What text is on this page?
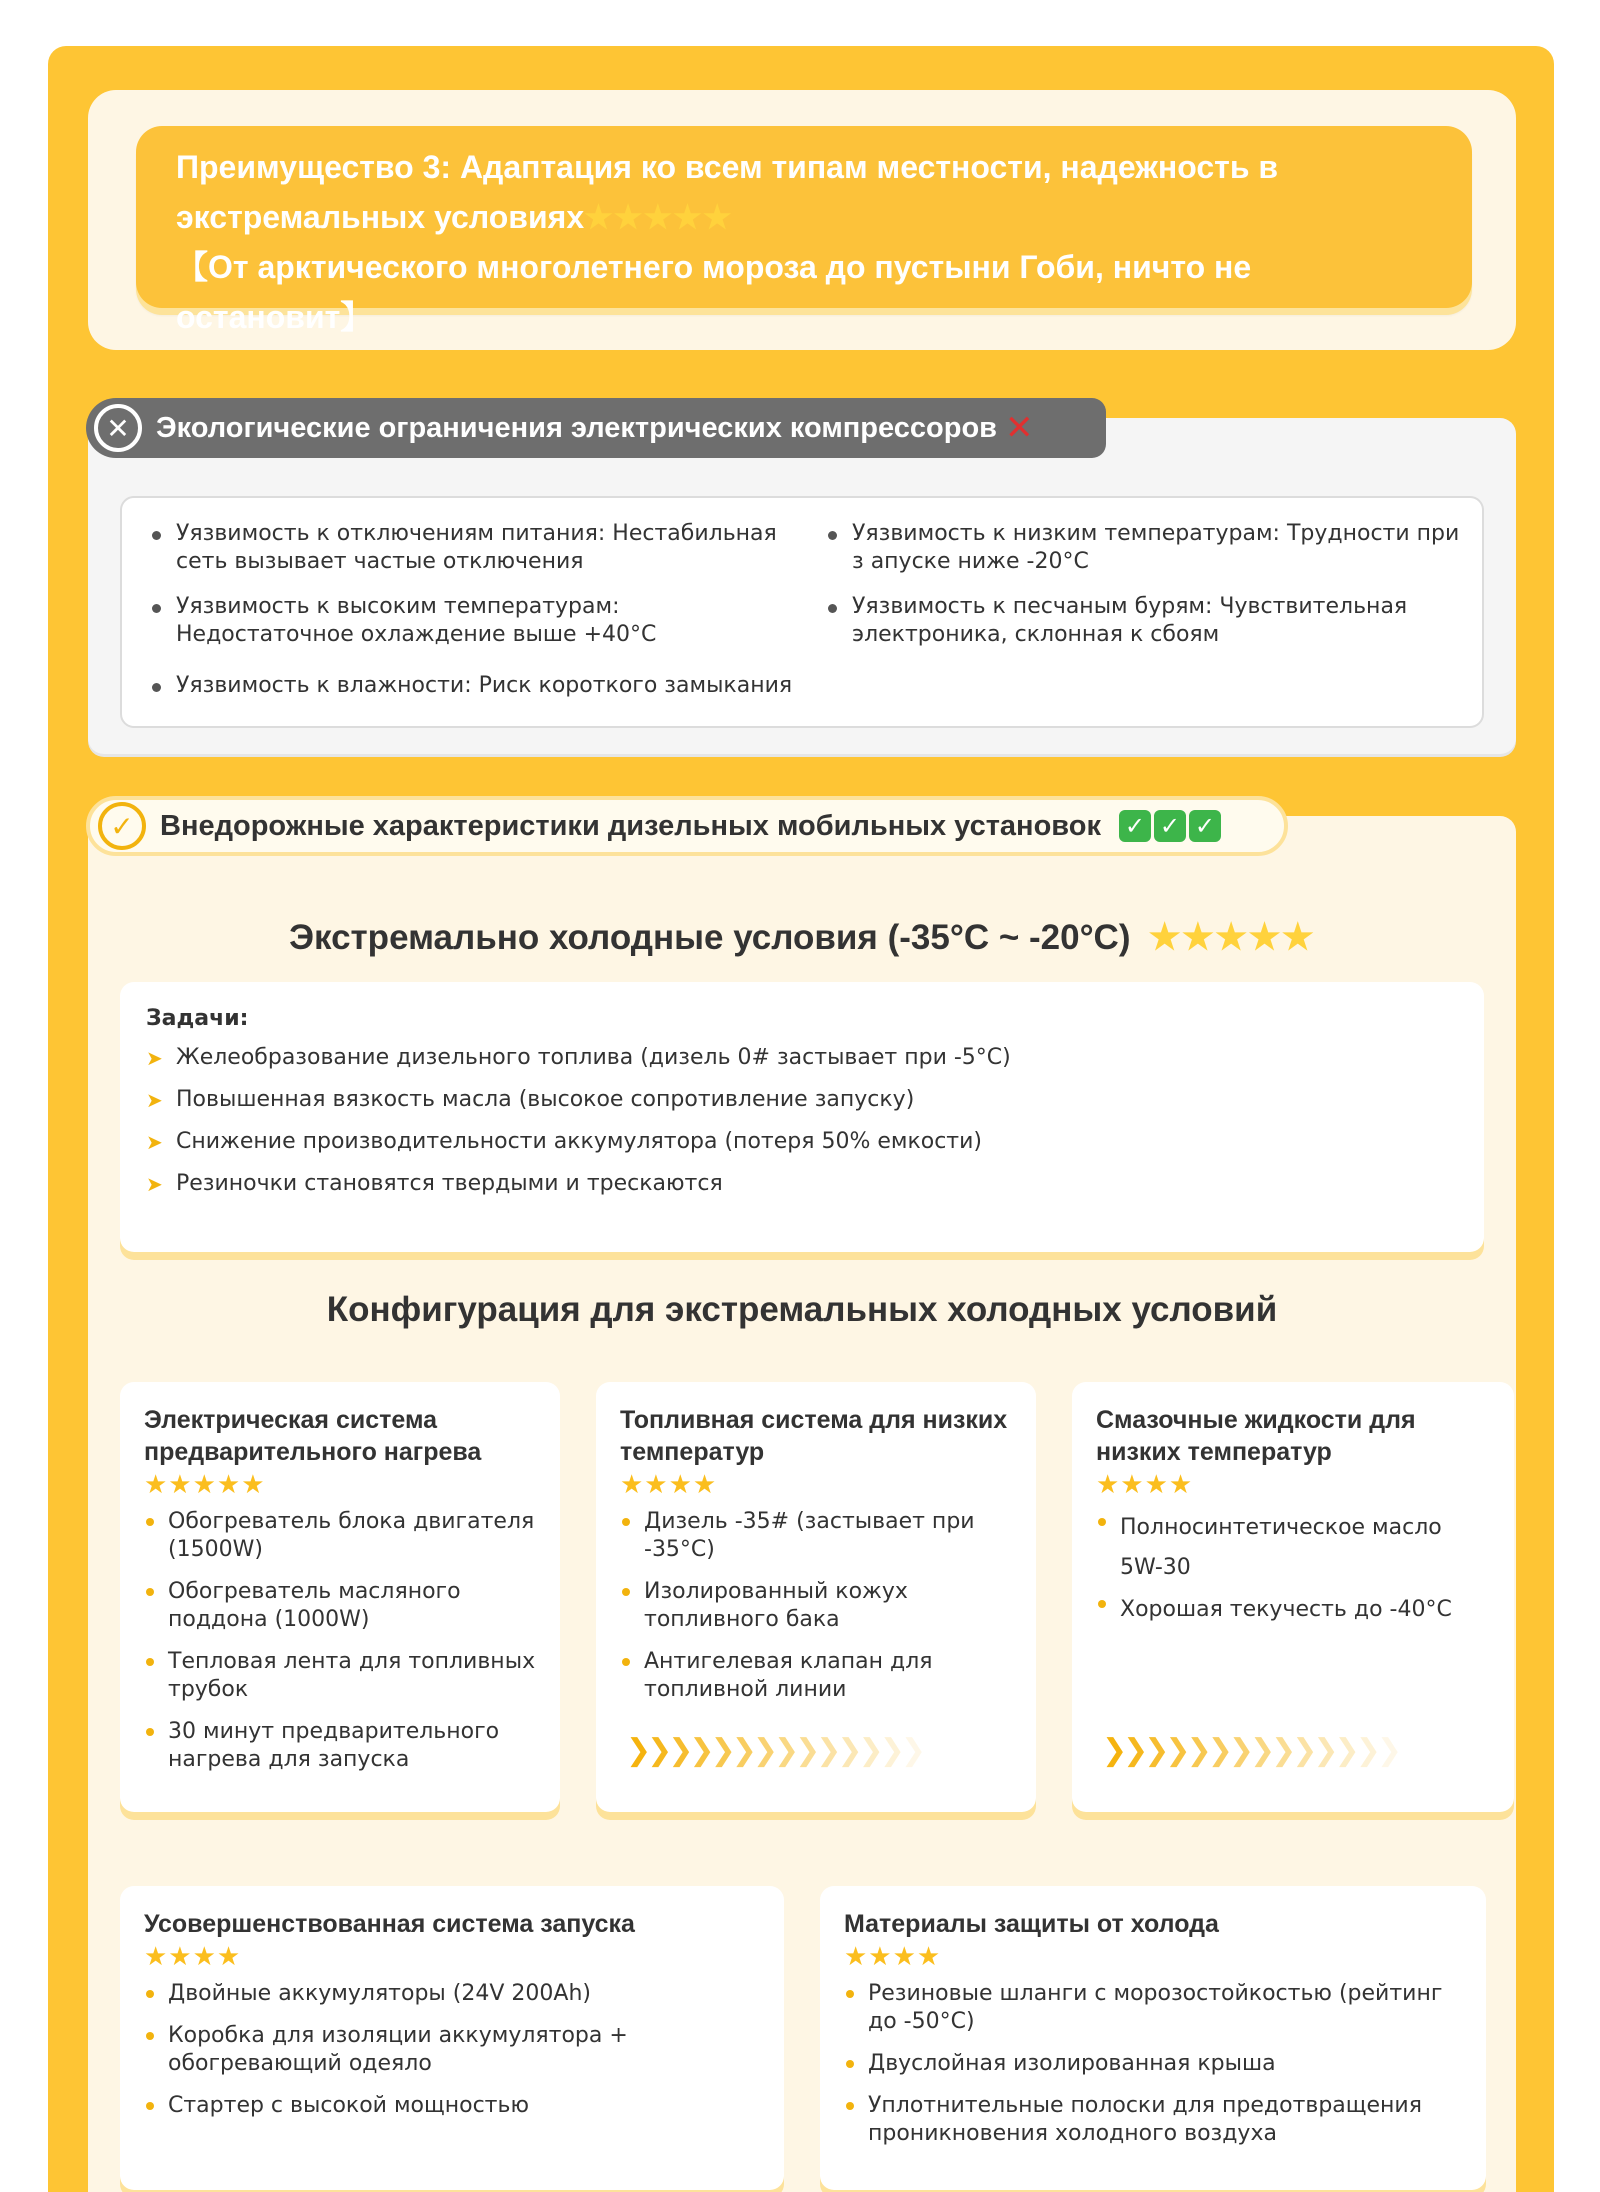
Преимущество 3: Адаптация ко всем типам местности, надежность в
экстремальных условиях★★★★★
【От арктического многолетнего мороза до пустыни Гоби, ничто не остановит】
✕ Экологические ограничения электрических компрессоров ✕
Уязвимость к отключениям питания: Нестабильная сеть вызывает частые отключения
Уязвимость к низким температурам: Трудности при з апуске ниже -20°C
Уязвимость к высоким температурам: Недостаточное охлаждение выше +40°C
Уязвимость к песчаным бурям: Чувствительная электроника, склонная к сбоям
Уязвимость к влажности: Риск короткого замыкания
✓ Внедорожные характеристики дизельных мобильных установок ✓ ✓ ✓
Экстремально холодные условия (-35°C ~ -20°C) ★★★★★
Задачи:
➤ Желеобразование дизельного топлива (дизель 0# застывает при -5°C)
➤ Повышенная вязкость масла (высокое сопротивление запуску)
➤ Снижение производительности аккумулятора (потеря 50% емкости)
➤ Резиночки становятся твердыми и трескаются
Конфигурация для экстремальных холодных условий
Электрическая система предварительного нагрева
★★★★★
Обогреватель блока двигателя (1500W)
Обогреватель масляного поддона (1000W)
Тепловая лента для топливных трубок
30 минут предварительного нагрева для запуска
Топливная система для низких температур
★★★★
Дизель -35# (застывает при -35°C)
Изолированный кожух топливного бака
Антигелевая клапан для топливной линии
❯
❯
❯
❯
❯
❯
❯
❯
❯
❯
❯
❯
❯
❯
Смазочные жидкости для низких температур
★★★★
Полносинтетическое масло 5W-30
Хорошая текучесть до -40°C
❯
❯
❯
❯
❯
❯
❯
❯
❯
❯
❯
❯
❯
❯
Усовершенствованная система запуска
★★★★
Двойные аккумуляторы (24V 200Ah)
Коробка для изоляции аккумулятора + обогревающий одеяло
Стартер с высокой мощностью
Материалы защиты от холода
★★★★
Резиновые шланги с морозостойкостью (рейтинг до -50°C)
Двуслойная изолированная крыша
Уплотнительные полоски для предотвращения проникновения холодного воздуха
